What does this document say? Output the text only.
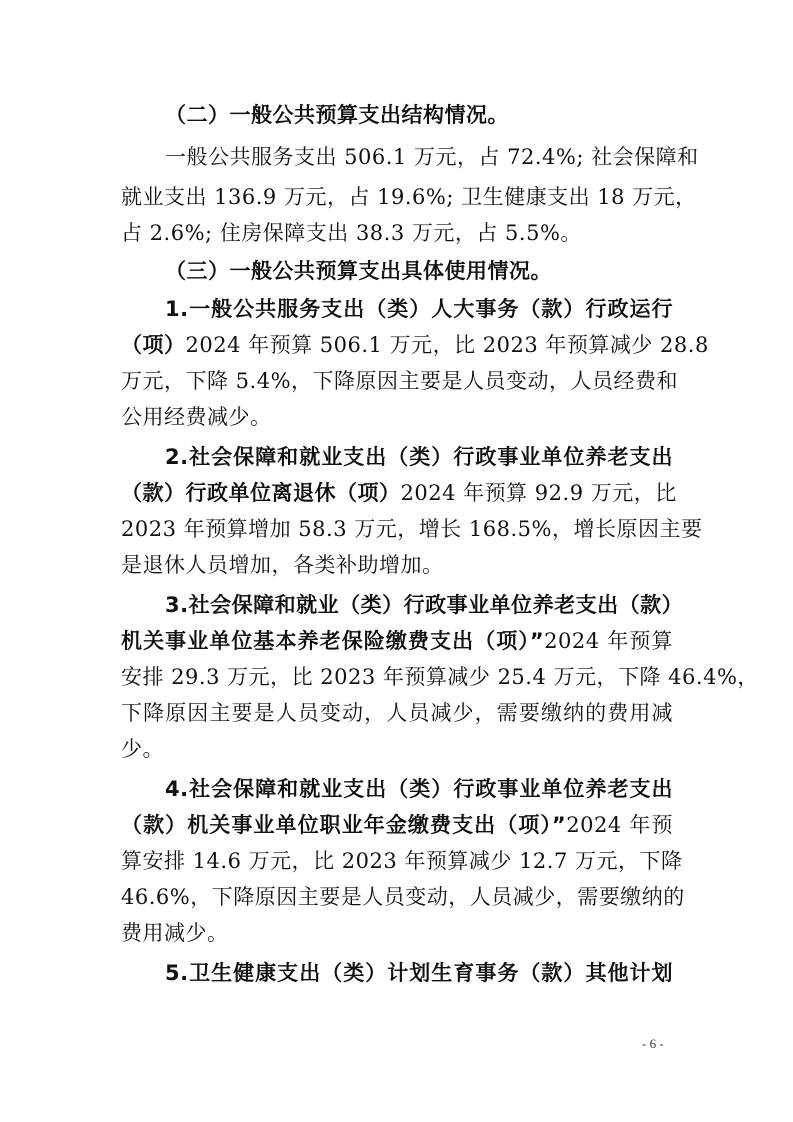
（二）一般公共预算支出结构情况。
一般公共服务支出 506.1 万元，占 72.4%; 社会保障和
就业支出 136.9 万元，占 19.6%; 卫生健康支出 18 万元，
占 2.6%; 住房保障支出 38.3 万元，占 5.5%。
（三）一般公共预算支出具体使用情况。
1.一般公共服务支出（类）人大事务（款）行政运行
（项）2024 年预算 506.1 万元，比 2023 年预算减少 28.8
万元，下降 5.4%，下降原因主要是人员变动，人员经费和
公用经费减少。
2.社会保障和就业支出（类）行政事业单位养老支出
（款）行政单位离退休（项）2024 年预算 92.9 万元，比
2023 年预算增加 58.3 万元，增长 168.5%，增长原因主要
是退休人员增加，各类补助增加。
3.社会保障和就业（类）行政事业单位养老支出（款）
机关事业单位基本养老保险缴费支出（项）”2024 年预算
安排 29.3 万元，比 2023 年预算减少 25.4 万元，下降 46.4%，
下降原因主要是人员变动，人员减少，需要缴纳的费用减
少。
4.社会保障和就业支出（类）行政事业单位养老支出
（款）机关事业单位职业年金缴费支出（项）”2024 年预
算安排 14.6 万元，比 2023 年预算减少 12.7 万元，下降
46.6%，下降原因主要是人员变动，人员减少，需要缴纳的
费用减少。
5.卫生健康支出（类）计划生育事务（款）其他计划
- 6 -
